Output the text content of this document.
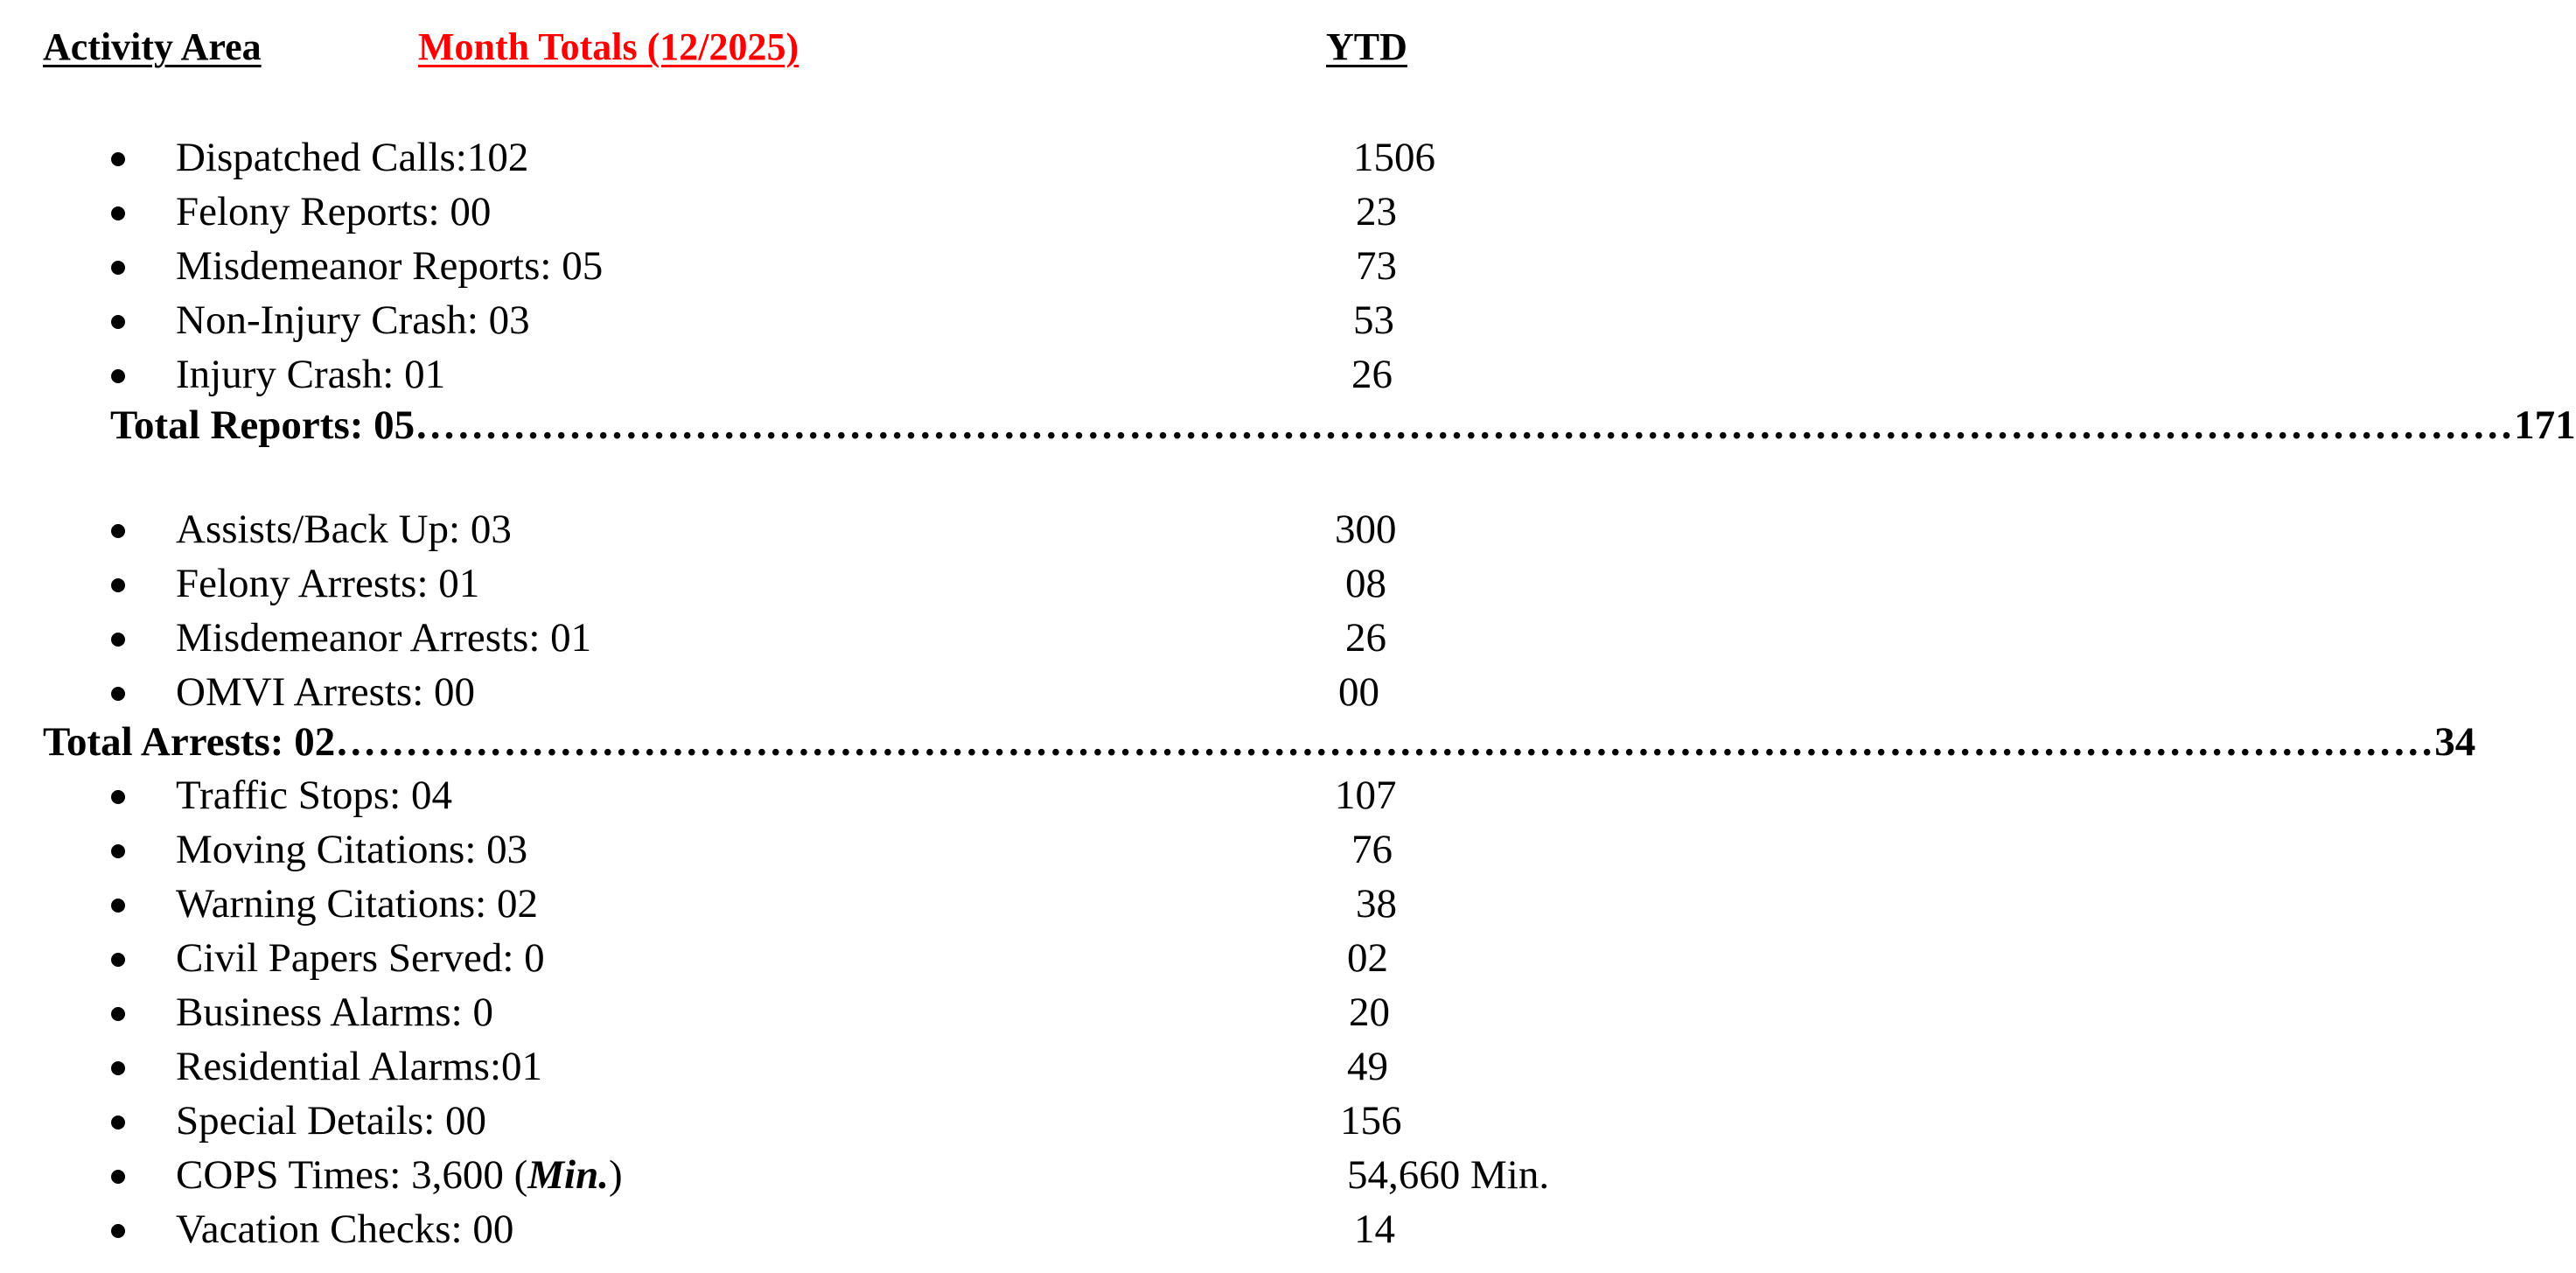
Activity Area	Month Totals (12/2025)	YTD
Dispatched Calls:102	1506
Felony Reports: 00	23
Misdemeanor Reports: 05	73
Non-Injury Crash: 03	53
Injury Crash: 01	26
Total Reports: 05 …………………………………………………………………………………………………………………………………… 171
Assists/Back Up: 03	300
Felony Arrests: 01	08
Misdemeanor Arrests: 01	26
OMVI Arrests: 00	00
Total Arrests: 02 …………………………………………………………………………………………………………………………………… 34
Traffic Stops: 04	107
Moving Citations: 03	76
Warning Citations: 02	38
Civil Papers Served: 0	02
Business Alarms: 0	20
Residential Alarms:01	49
Special Details: 00	156
COPS Times: 3,600 (Min.)	54,660 Min.
Vacation Checks: 00	14
